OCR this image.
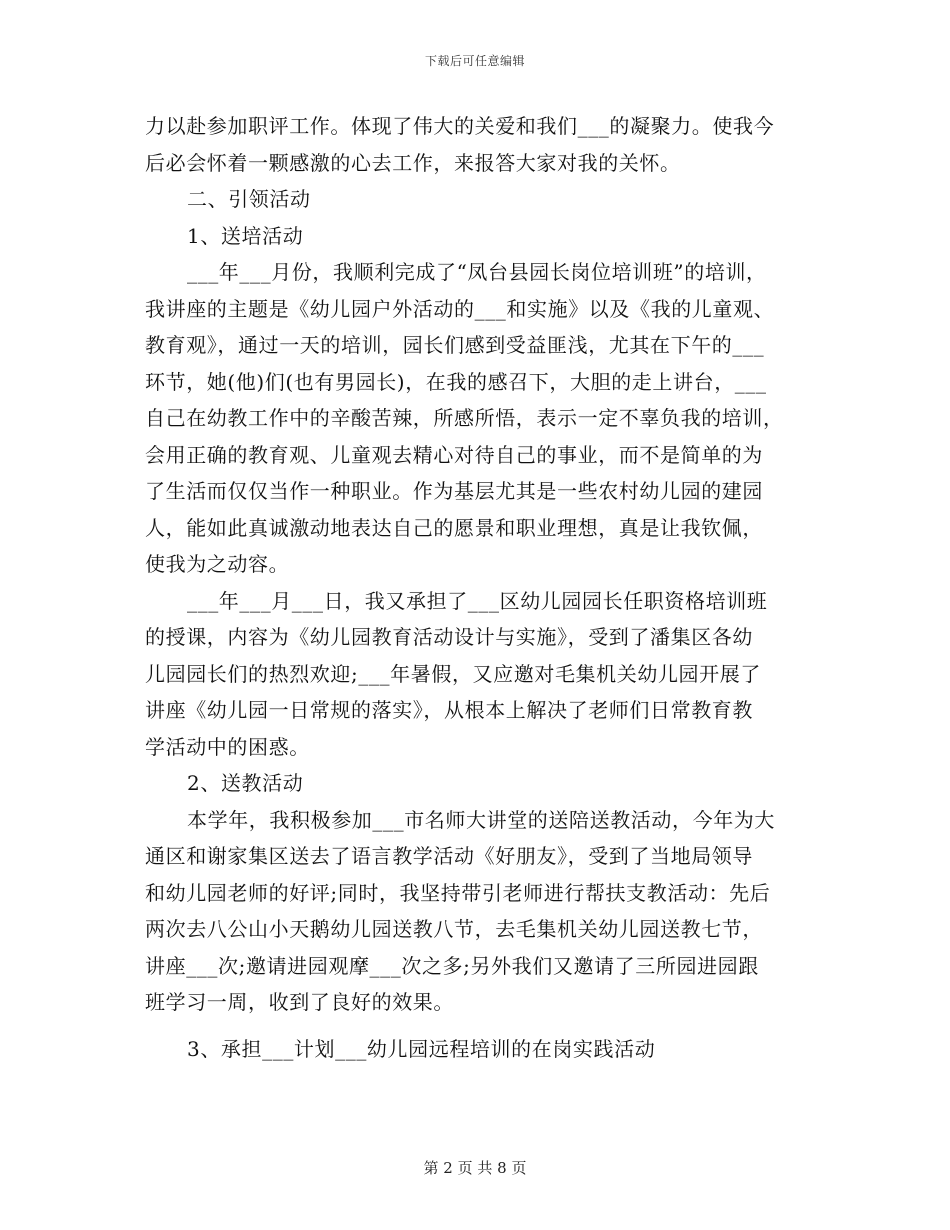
下载后可任意编辑
力以赴参加职评工作。体现了伟大的关爱和我们___的凝聚力。使我今
后必会怀着一颗感激的心去工作，来报答大家对我的关怀。
二、引领活动
1、送培活动
___年___月份，我顺利完成了“凤台县园长岗位培训班”的培训，
我讲座的主题是《幼儿园户外活动的___和实施》以及《我的儿童观、
教育观》，通过一天的培训，园长们感到受益匪浅，尤其在下午的___
环节，她(他)们(也有男园长)，在我的感召下，大胆的走上讲台，___
自己在幼教工作中的辛酸苦辣，所感所悟，表示一定不辜负我的培训，
会用正确的教育观、儿童观去精心对待自己的事业，而不是简单的为
了生活而仅仅当作一种职业。作为基层尤其是一些农村幼儿园的建园
人，能如此真诚激动地表达自己的愿景和职业理想，真是让我钦佩，
使我为之动容。
___年___月___日，我又承担了___区幼儿园园长任职资格培训班
的授课，内容为《幼儿园教育活动设计与实施》，受到了潘集区各幼
儿园园长们的热烈欢迎;___年暑假，又应邀对毛集机关幼儿园开展了
讲座《幼儿园一日常规的落实》，从根本上解决了老师们日常教育教
学活动中的困惑。
2、送教活动
本学年，我积极参加___市名师大讲堂的送陪送教活动，今年为大
通区和谢家集区送去了语言教学活动《好朋友》，受到了当地局领导
和幼儿园老师的好评;同时，我坚持带引老师进行帮扶支教活动：先后
两次去八公山小天鹅幼儿园送教八节，去毛集机关幼儿园送教七节，
讲座___次;邀请进园观摩___次之多;另外我们又邀请了三所园进园跟
班学习一周，收到了良好的效果。
3、承担___计划___幼儿园远程培训的在岗实践活动
第 2 页 共 8 页
